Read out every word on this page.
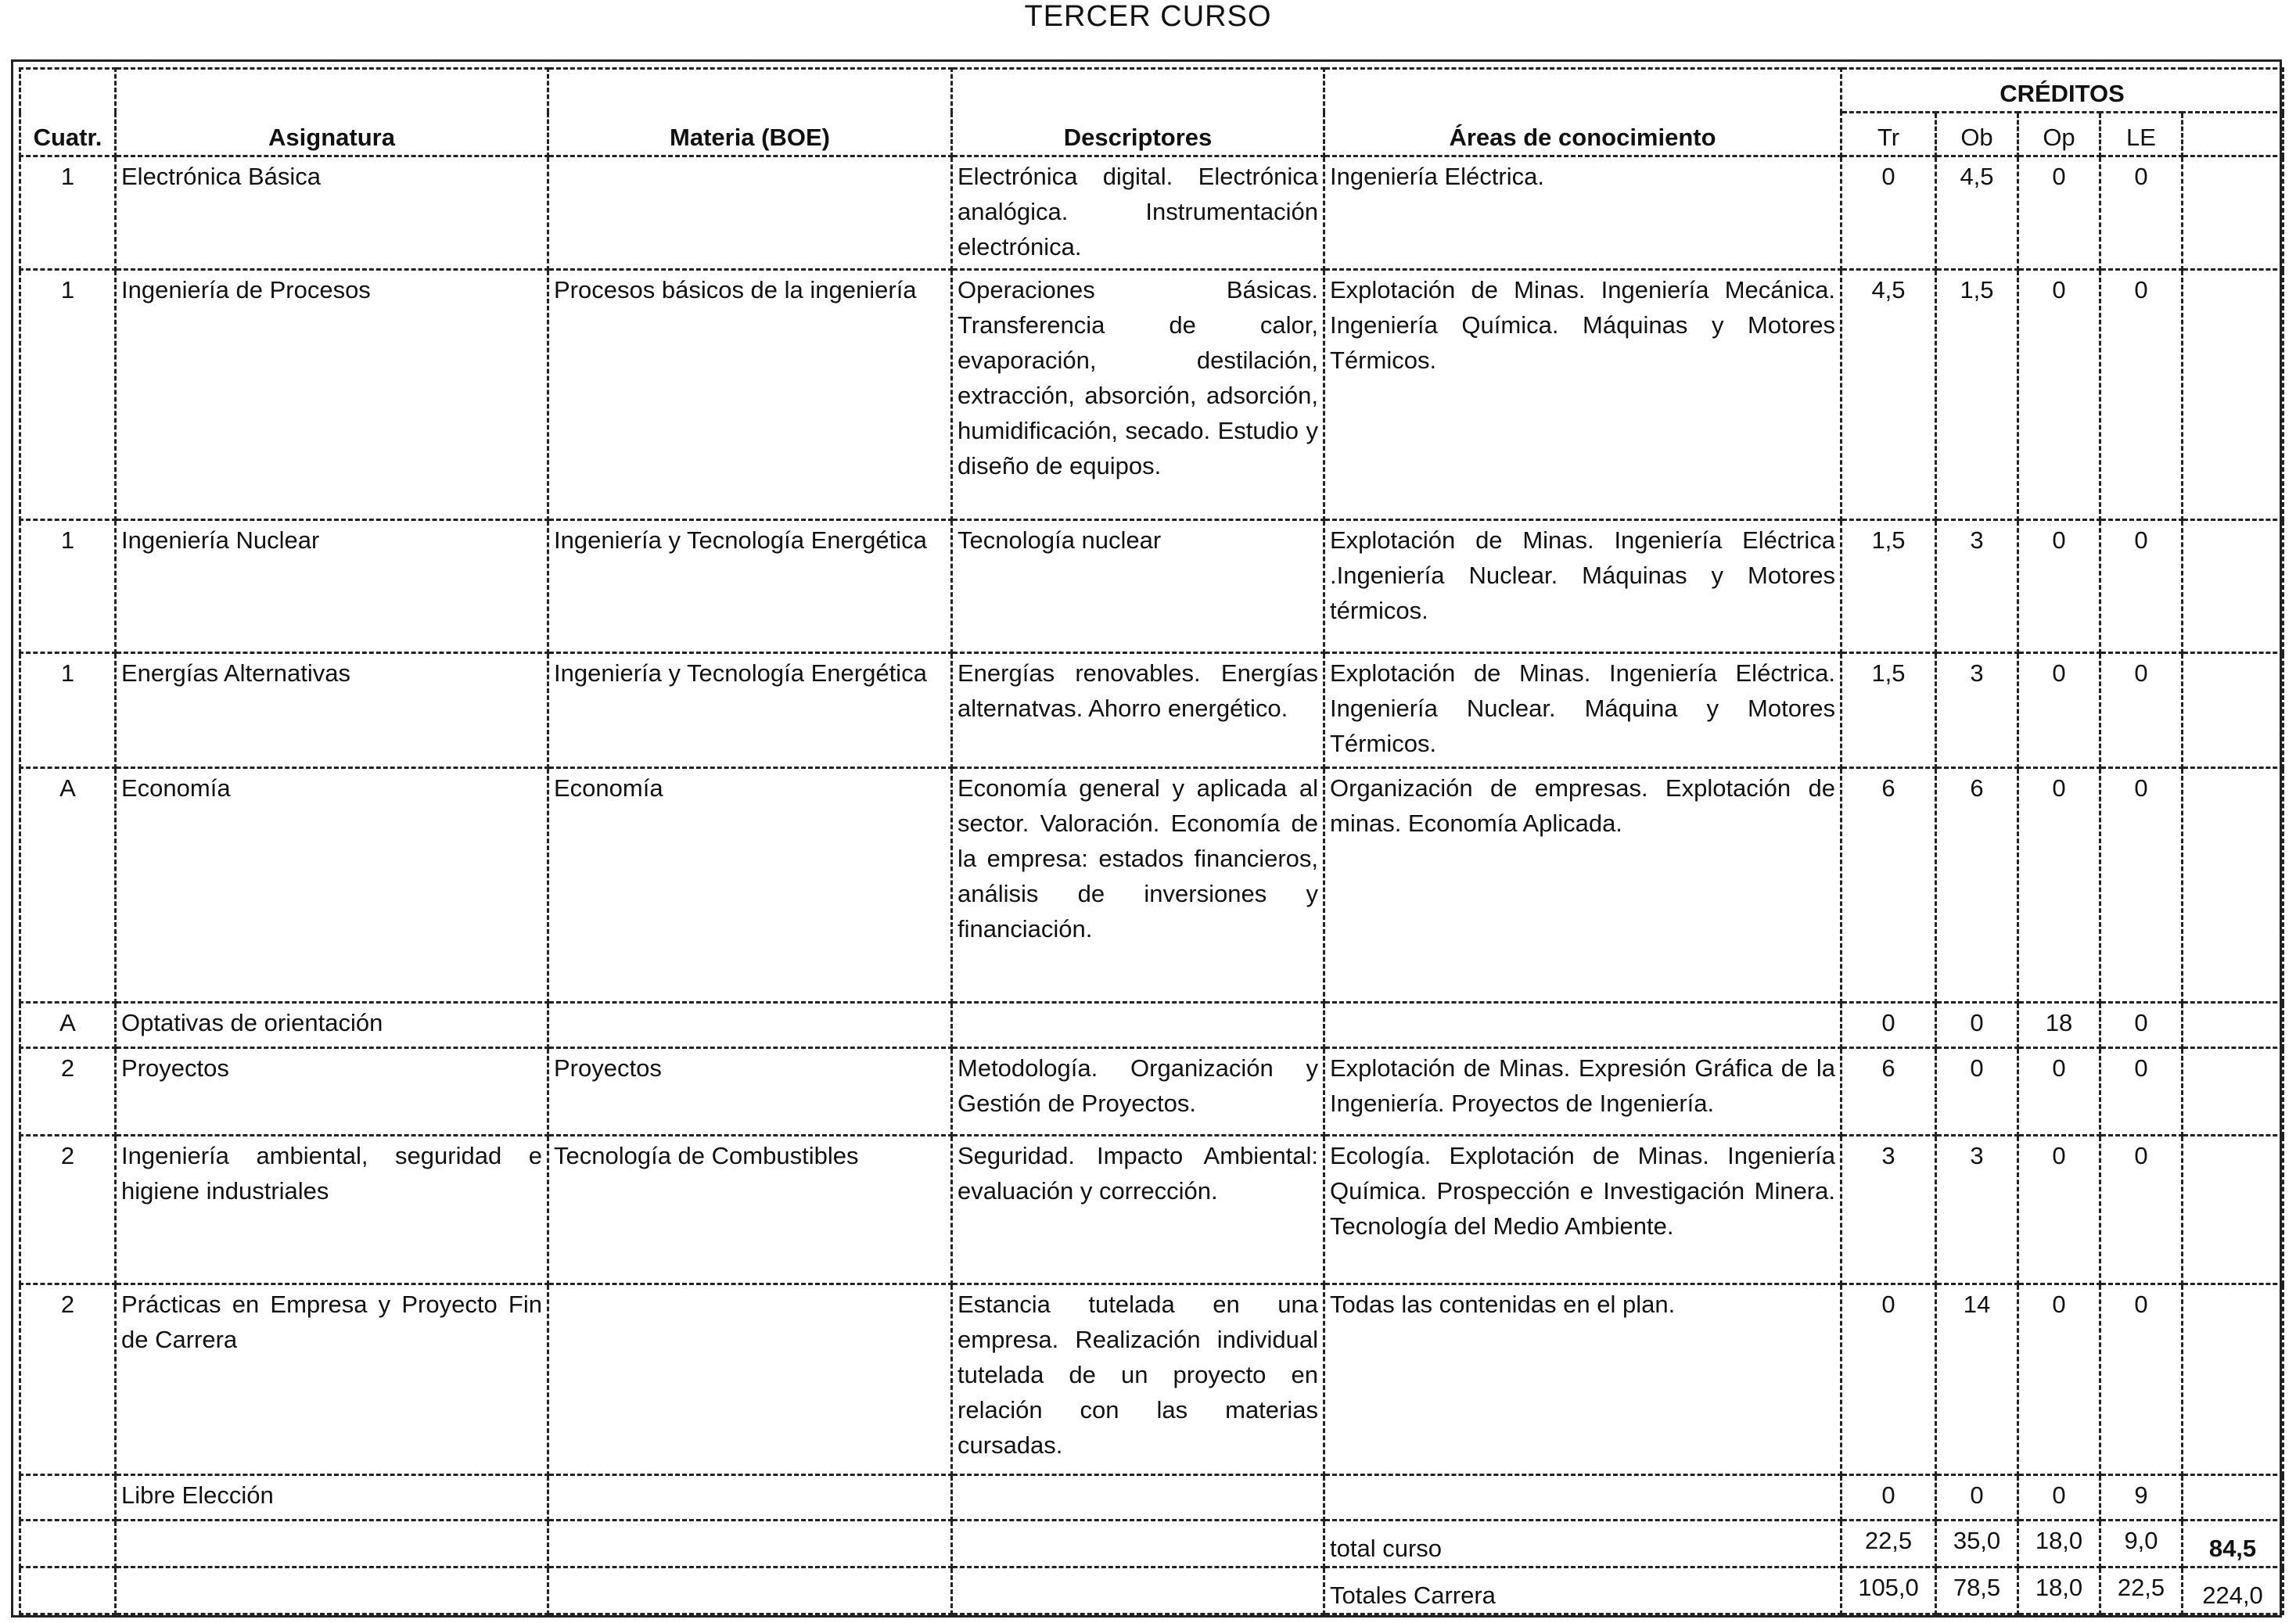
TERCER CURSO
Cuatr.	Asignatura	Materia (BOE)	Descriptores	Áreas de conocimiento	CRÉDITOS				
					Tr	Ob	Op	LE	
1	Electrónica Básica		Electrónica digital. Electrónica analógica. Instrumentación electrónica.	Ingeniería Eléctrica.	0	4,5	0	0	
1	Ingeniería de Procesos	Procesos básicos de la ingeniería	Operaciones Básicas. Transferencia de calor, evaporación, destilación, extracción, absorción, adsorción, humidificación, secado. Estudio y diseño de equipos.	Explotación de Minas. Ingeniería Mecánica. Ingeniería Química. Máquinas y Motores Térmicos.	4,5	1,5	0	0	
1	Ingeniería Nuclear	Ingeniería y Tecnología Energética	Tecnología nuclear	Explotación de Minas. Ingeniería Eléctrica .Ingeniería Nuclear. Máquinas y Motores térmicos.	1,5	3	0	0	
1	Energías Alternativas	Ingeniería y Tecnología Energética	Energías renovables. Energías alternatvas. Ahorro energético.	Explotación de Minas. Ingeniería Eléctrica. Ingeniería Nuclear. Máquina y Motores Térmicos.	1,5	3	0	0	
A	Economía	Economía	Economía general y aplicada al sector. Valoración. Economía de la empresa: estados financieros, análisis de inversiones y financiación.	Organización de empresas. Explotación de minas. Economía Aplicada.	6	6	0	0	
A	Optativas de orientación				0	0	18	0	
2	Proyectos	Proyectos	Metodología. Organización y Gestión de Proyectos.	Explotación de Minas. Expresión Gráfica de la Ingeniería. Proyectos de Ingeniería.	6	0	0	0	
2	Ingeniería ambiental, seguridad e higiene industriales	Tecnología de Combustibles	Seguridad. Impacto Ambiental: evaluación y corrección.	Ecología. Explotación de Minas. Ingeniería Química. Prospección e Investigación Minera. Tecnología del Medio Ambiente.	3	3	0	0	
2	Prácticas en Empresa y Proyecto Fin de Carrera		Estancia tutelada en una empresa. Realización individual tutelada de un proyecto en relación con las materias cursadas.	Todas las contenidas en el plan.	0	14	0	0	
	Libre Elección				0	0	0	9	
				total curso	22,5	35,0	18,0	9,0	84,5
				Totales Carrera	105,0	78,5	18,0	22,5	224,0
